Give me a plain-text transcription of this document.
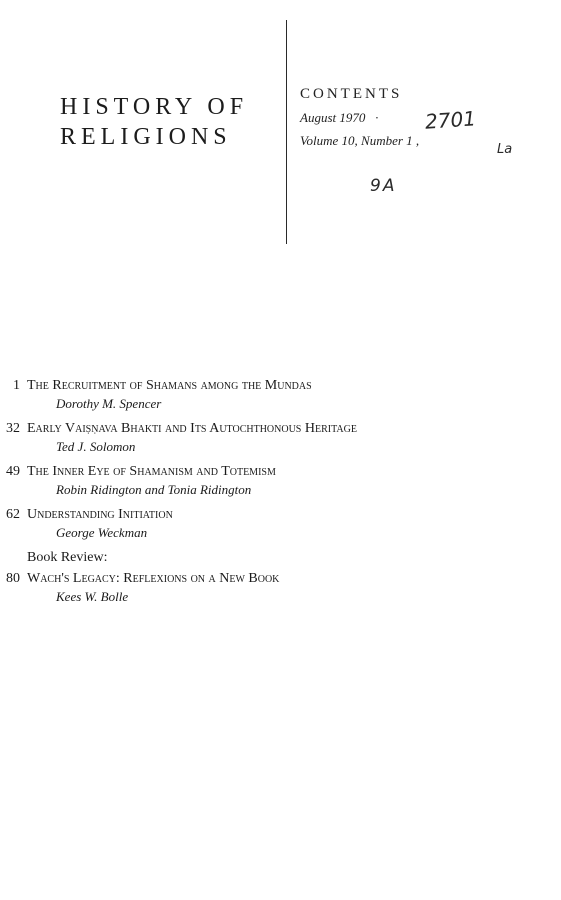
HISTORY OF
RELIGIONS
CONTENTS
August 1970 ·
Volume 10, Number 1 ,
2701
La
9A
1 The Recruitment of Shamans among the Mundas
Dorothy M. Spencer
32 Early Vaiṣṇava Bhakti and Its Autochthonous Heritage
Ted J. Solomon
49 The Inner Eye of Shamanism and Totemism
Robin Ridington and Tonia Ridington
62 Understanding Initiation
George Weckman
Book Review:
80 Wach's Legacy: Reflexions on a New Book
Kees W. Bolle
